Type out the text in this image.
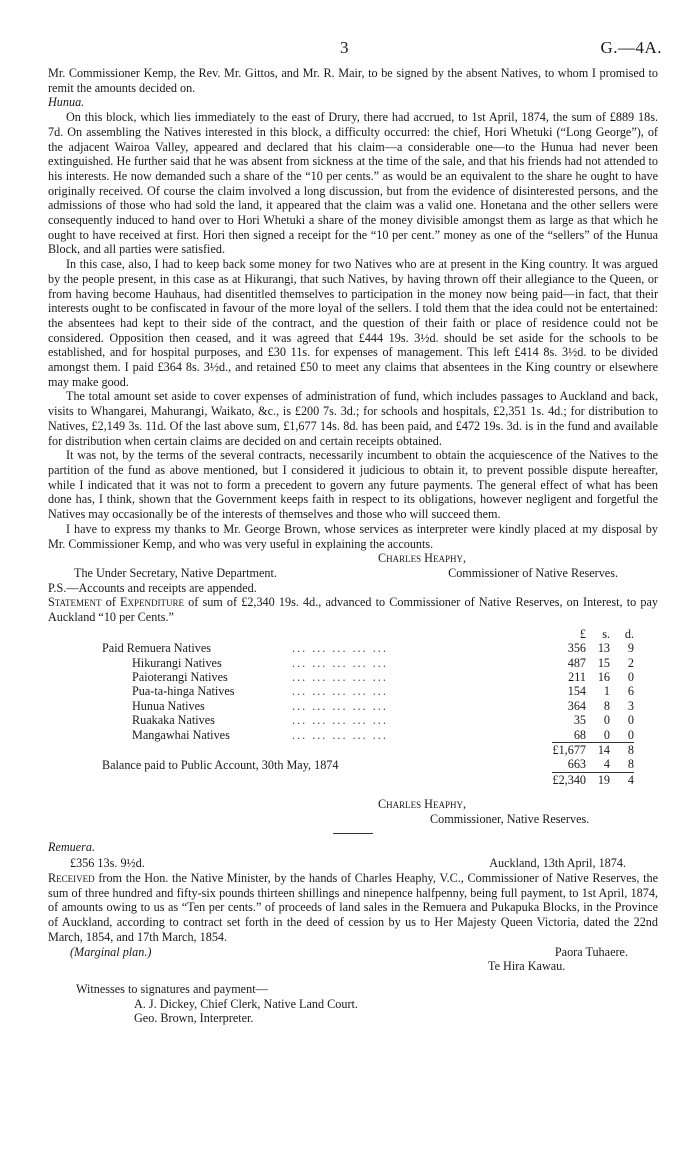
3	G.—4A.

Mr. Commissioner Kemp, the Rev. Mr. Gittos, and Mr. R. Mair, to be signed by the absent Natives, to whom I promised to remit the amounts decided on.

Hunua.

On this block, which lies immediately to the east of Drury, there had accrued, to 1st April, 1874, the sum of £889 18s. 7d. On assembling the Natives interested in this block, a difficulty occurred: the chief, Hori Whetuki (“Long George”), of the adjacent Wairoa Valley, appeared and declared that his claim—a considerable one—to the Hunua had never been extinguished. He further said that he was absent from sickness at the time of the sale, and that his friends had not attended to his interests. He now demanded such a share of the “10 per cents.” as would be an equivalent to the share he ought to have originally received. Of course the claim involved a long discussion, but from the evidence of disinterested persons, and the admissions of those who had sold the land, it appeared that the claim was a valid one. Honetana and the other sellers were consequently induced to hand over to Hori Whetuki a share of the money divisible amongst them as large as that which he ought to have received at first. Hori then signed a receipt for the “10 per cent.” money as one of the “sellers” of the Hunua Block, and all parties were satisfied.

In this case, also, I had to keep back some money for two Natives who are at present in the King country. It was argued by the people present, in this case as at Hikurangi, that such Natives, by having thrown off their allegiance to the Queen, or from having become Hauhaus, had disentitled themselves to participation in the money now being paid—in fact, that their interests ought to be confiscated in favour of the more loyal of the sellers. I told them that the idea could not be entertained: the absentees had kept to their side of the contract, and the question of their faith or place of residence could not be considered. Opposition then ceased, and it was agreed that £444 19s. 3½d. should be set aside for the schools to be established, and for hospital purposes, and £30 11s. for expenses of management. This left £414 8s. 3½d. to be divided amongst them. I paid £364 8s. 3½d., and retained £50 to meet any claims that absentees in the King country or elsewhere may make good.

The total amount set aside to cover expenses of administration of fund, which includes passages to Auckland and back, visits to Whangarei, Mahurangi, Waikato, &c., is £200 7s. 3d.; for schools and hospitals, £2,351 1s. 4d.; for distribution to Natives, £2,149 3s. 11d. Of the last above sum, £1,677 14s. 8d. has been paid, and £472 19s. 3d. is in the fund and available for distribution when certain claims are decided on and certain receipts obtained.

It was not, by the terms of the several contracts, necessarily incumbent to obtain the acquiescence of the Natives to the partition of the fund as above mentioned, but I considered it judicious to obtain it, to prevent possible dispute hereafter, while I indicated that it was not to form a precedent to govern any future payments. The general effect of what has been done has, I think, shown that the Government keeps faith in respect to its obligations, however negligent and forgetful the Natives may occasionally be of the interests of themselves and those who will succeed them.

I have to express my thanks to Mr. George Brown, whose services as interpreter were kindly placed at my disposal by Mr. Commissioner Kemp, and who was very useful in explaining the accounts.

Charles Heaphy,
The Under Secretary, Native Department.	Commissioner of Native Reserves.

P.S.—Accounts and receipts are appended.

Statement of Expenditure of sum of £2,340 19s. 4d., advanced to Commissioner of Native Reserves, on Interest, to pay Auckland “10 per Cents.”

		£	s.	d.
Paid Remuera Natives	... ... ... ... ...	356	13	9
Hikurangi Natives	... ... ... ... ...	487	15	2
Paioterangi Natives	... ... ... ... ...	211	16	0
Pua-ta-hinga Natives	... ... ... ... ...	154	1	6
Hunua Natives	... ... ... ... ...	364	8	3
Ruakaka Natives	... ... ... ... ...	35	0	0
Mangawhai Natives	... ... ... ... ...	68	0	0
		£1,677	14	8
Balance paid to Public Account, 30th May, 1874		663	4	8
		£2,340	19	4
Charles Heaphy,
Commissioner, Native Reserves.

Remuera.

£356 13s. 9½d.	Auckland, 13th April, 1874.

Received from the Hon. the Native Minister, by the hands of Charles Heaphy, V.C., Commissioner of Native Reserves, the sum of three hundred and fifty-six pounds thirteen shillings and ninepence halfpenny, being full payment, to 1st April, 1874, of amounts owing to us as “Ten per cents.” of proceeds of land sales in the Remuera and Pukapuka Blocks, in the Province of Auckland, according to contract set forth in the deed of cession by us to Her Majesty Queen Victoria, dated the 22nd March, 1854, and 17th March, 1854.

(Marginal plan.)	Paora Tuhaere.
Te Hira Kawau.
Witnesses to signatures and payment—
A. J. Dickey, Chief Clerk, Native Land Court.
Geo. Brown, Interpreter.
